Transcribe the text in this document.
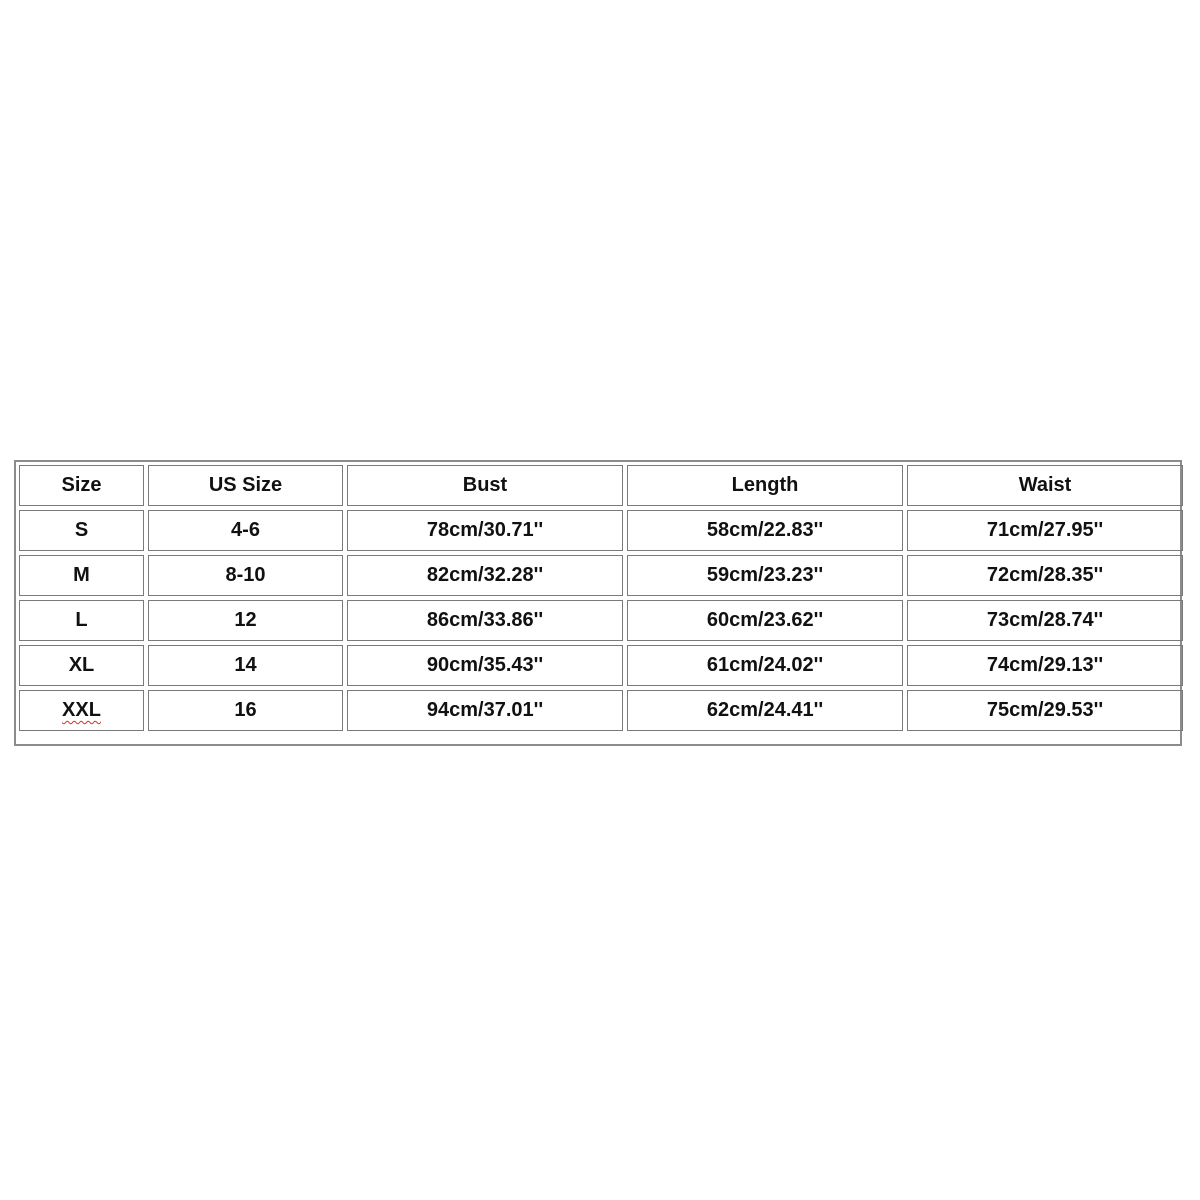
Size	US Size	Bust	Length	Waist
S	4-6	78cm/30.71''	58cm/22.83''	71cm/27.95''
M	8-10	82cm/32.28''	59cm/23.23''	72cm/28.35''
L	12	86cm/33.86''	60cm/23.62''	73cm/28.74''
XL	14	90cm/35.43''	61cm/24.02''	74cm/29.13''
XXL	16	94cm/37.01''	62cm/24.41''	75cm/29.53''
